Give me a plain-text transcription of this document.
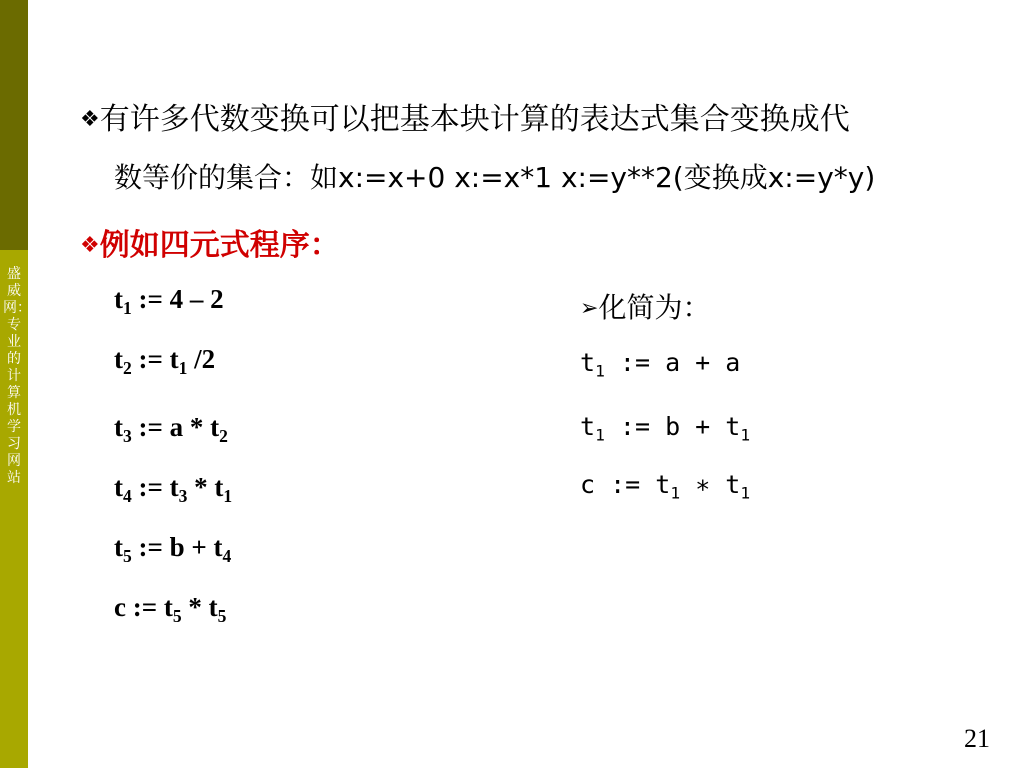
盛威网：专业的计算机学习网站
❖有许多代数变换可以把基本块计算的表达式集合变换成代
数等价的集合：如x:=x+0 x:=x*1 x:=y**2(变换成x:=y*y)
❖例如四元式程序：
$t_1$ := 4 – 2
$t_2$ := $t_1$ /2
$t_3$ := a * $t_2$
$t_4$ := $t_3 * t_1$
$t_5$ := $b + t_4$
c := $t_5 * t_5$
➢化简为：
$t_1$ := a + a
$t_1$ := $b + t_1$
c := $t_1$ ∗ $t_1$
21
